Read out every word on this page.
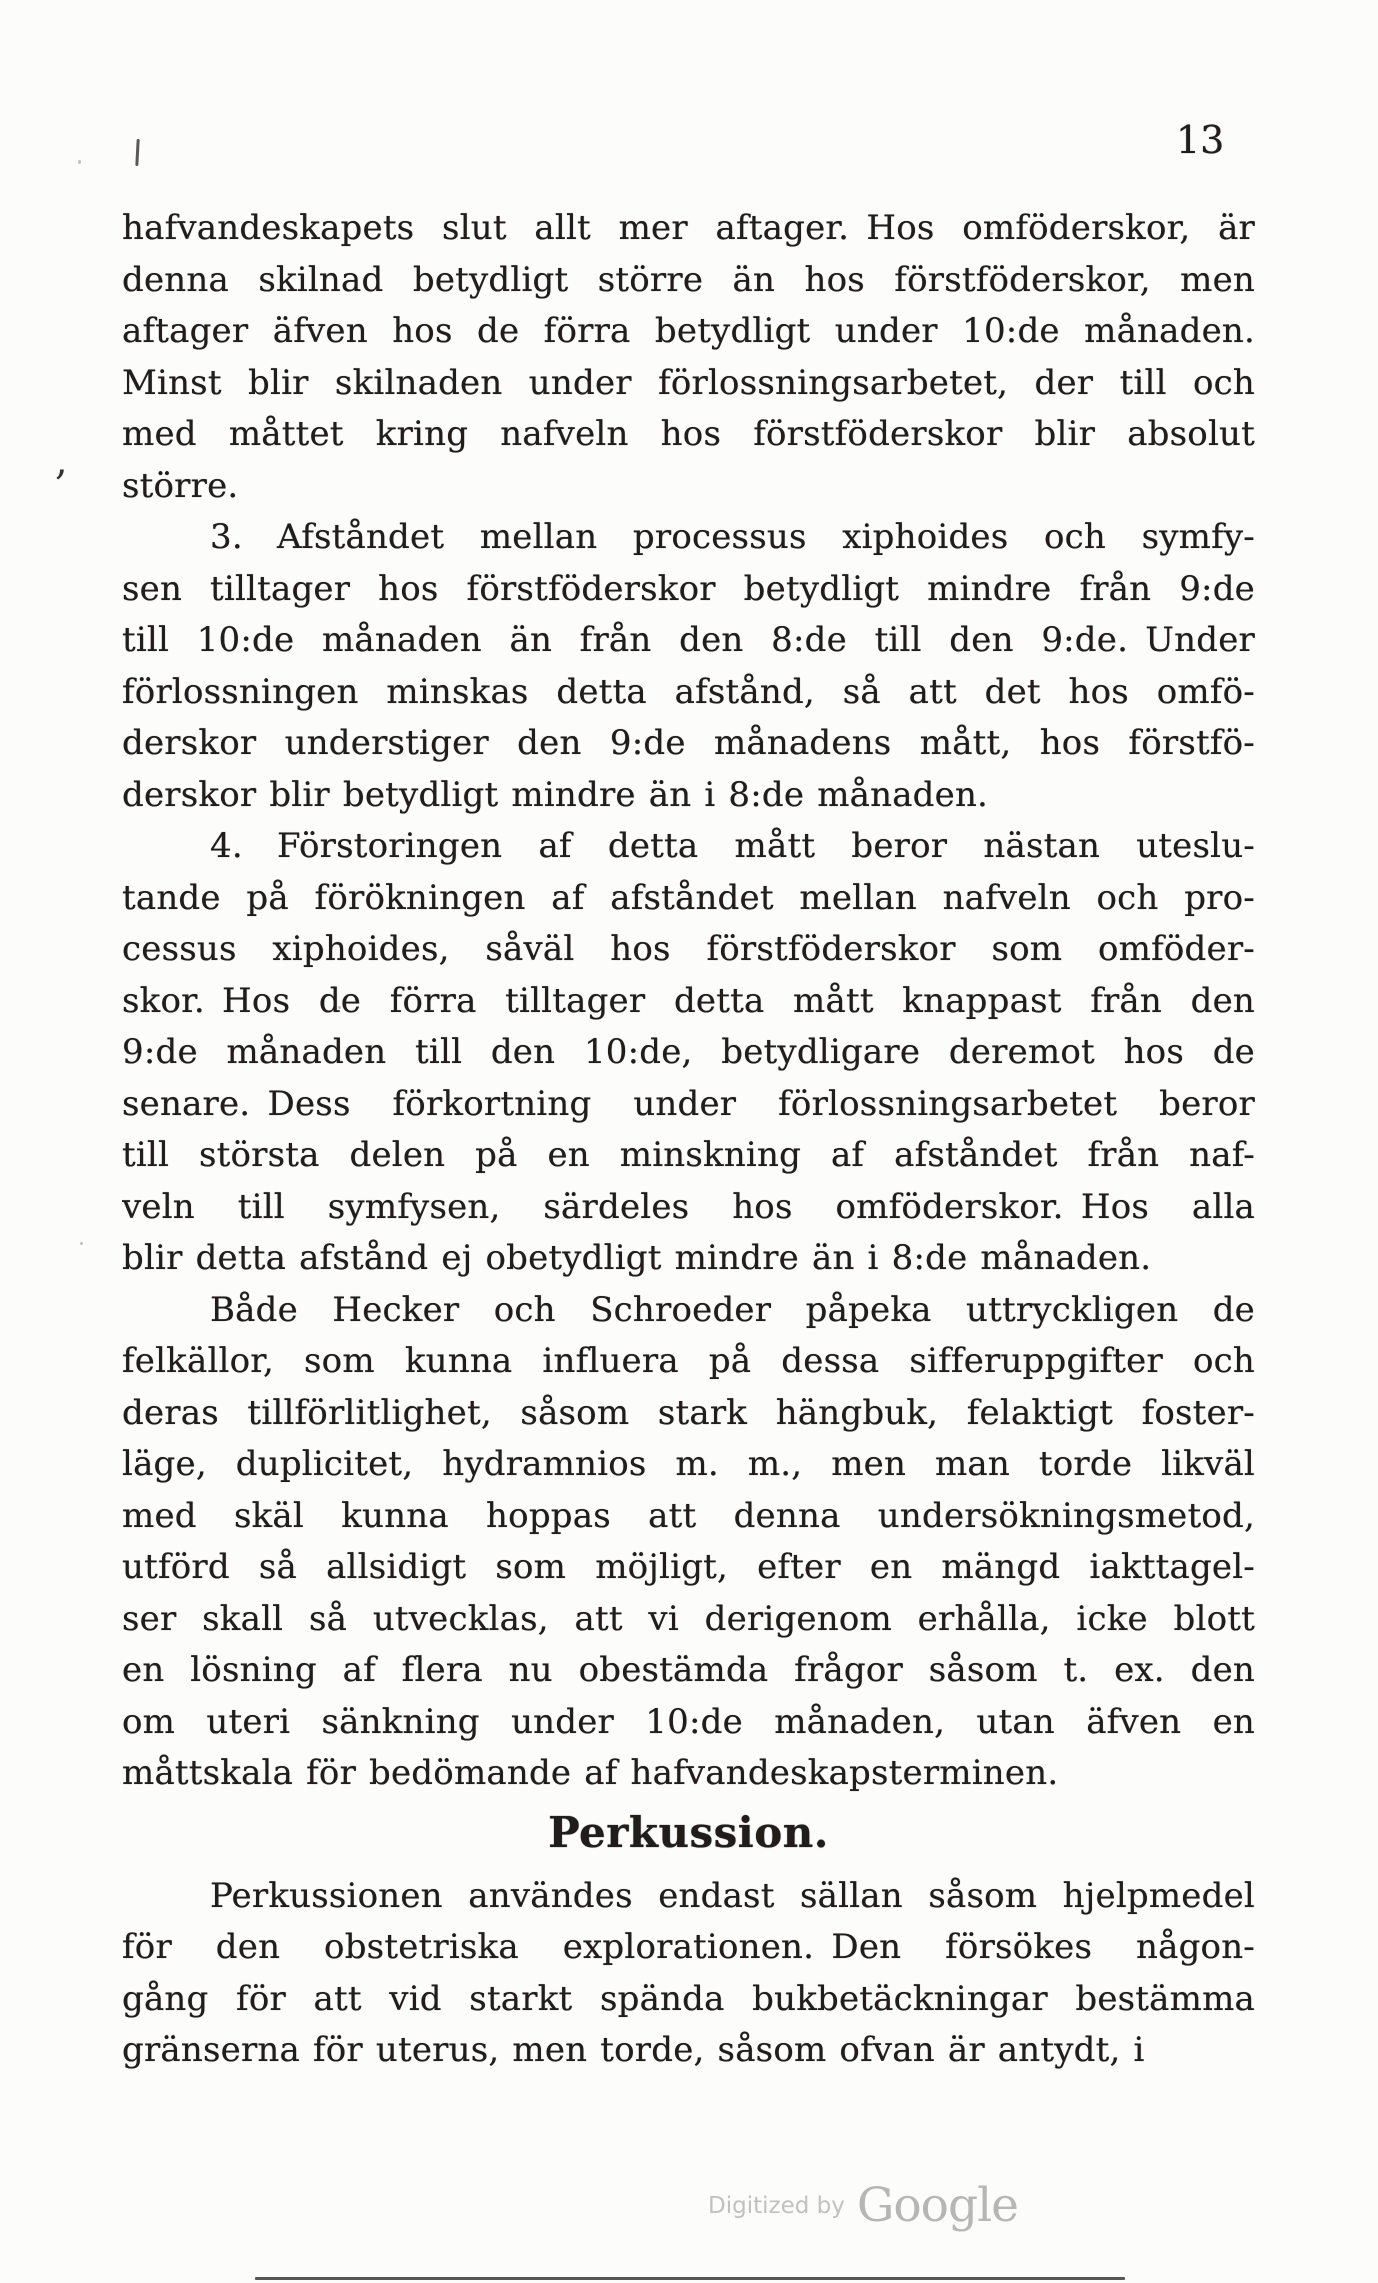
13
hafvandeskapets slut allt mer aftager. Hos omföderskor, är
denna skilnad betydligt större än hos förstföderskor, men
aftager äfven hos de förra betydligt under 10:de månaden.
Minst blir skilnaden under förlossningsarbetet, der till och
med måttet kring nafveln hos förstföderskor blir absolut
större.
3. Afståndet mellan processus xiphoides och symfy-
sen tilltager hos förstföderskor betydligt mindre från 9:de
till 10:de månaden än från den 8:de till den 9:de. Under
förlossningen minskas detta afstånd, så att det hos omfö-
derskor understiger den 9:de månadens mått, hos förstfö-
derskor blir betydligt mindre än i 8:de månaden.
4. Förstoringen af detta mått beror nästan uteslu-
tande på förökningen af afståndet mellan nafveln och pro-
cessus xiphoides, såväl hos förstföderskor som omföder-
skor. Hos de förra tilltager detta mått knappast från den
9:de månaden till den 10:de, betydligare deremot hos de
senare. Dess förkortning under förlossningsarbetet beror
till största delen på en minskning af afståndet från naf-
veln till symfysen, särdeles hos omföderskor. Hos alla
blir detta afstånd ej obetydligt mindre än i 8:de månaden.
Både Hecker och Schroeder påpeka uttryckligen de
felkällor, som kunna influera på dessa sifferuppgifter och
deras tillförlitlighet, såsom stark hängbuk, felaktigt foster-
läge, duplicitet, hydramnios m. m., men man torde likväl
med skäl kunna hoppas att denna undersökningsmetod,
utförd så allsidigt som möjligt, efter en mängd iakttagel-
ser skall så utvecklas, att vi derigenom erhålla, icke blott
en lösning af flera nu obestämda frågor såsom t. ex. den
om uteri sänkning under 10:de månaden, utan äfven en
måttskala för bedömande af hafvandeskapsterminen.
Perkussion.
Perkussionen användes endast sällan såsom hjelpmedel
för den obstetriska explorationen. Den försökes någon-
gång för att vid starkt spända bukbetäckningar bestämma
gränserna för uterus, men torde, såsom ofvan är antydt, i
Digitized by Google
,
